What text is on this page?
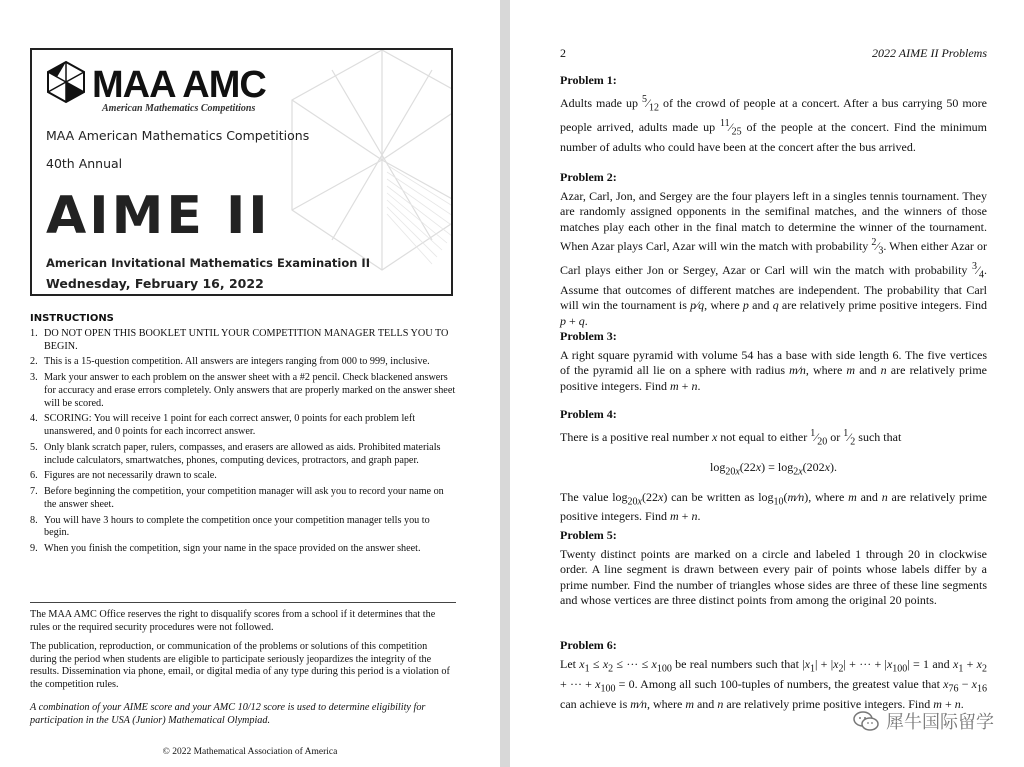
MAA AMC
American Mathematics Competitions
MAA American Mathematics Competitions
40th Annual
AIME II
American Invitational Mathematics Examination II
Wednesday, February 16, 2022
INSTRUCTIONS
1. DO NOT OPEN THIS BOOKLET UNTIL YOUR COMPETITION MANAGER TELLS YOU TO BEGIN.
2. This is a 15-question competition. All answers are integers ranging from 000 to 999, inclusive.
3. Mark your answer to each problem on the answer sheet with a #2 pencil. Check blackened answers for accuracy and erase errors completely. Only answers that are properly marked on the answer sheet will be scored.
4. SCORING: You will receive 1 point for each correct answer, 0 points for each problem left unanswered, and 0 points for each incorrect answer.
5. Only blank scratch paper, rulers, compasses, and erasers are allowed as aids. Prohibited materials include calculators, smartwatches, phones, computing devices, protractors, and graph paper.
6. Figures are not necessarily drawn to scale.
7. Before beginning the competition, your competition manager will ask you to record your name on the answer sheet.
8. You will have 3 hours to complete the competition once your competition manager tells you to begin.
9. When you finish the competition, sign your name in the space provided on the answer sheet.

The MAA AMC Office reserves the right to disqualify scores from a school if it determines that the rules or the required security procedures were not followed.

The publication, reproduction, or communication of the problems or solutions of this competition during the period when students are eligible to participate seriously jeopardizes the integrity of the results. Dissemination via phone, email, or digital media of any type during this period is a violation of the competition rules.

A combination of your AIME score and your AMC 10/12 score is used to determine eligibility for participation in the USA (Junior) Mathematical Olympiad.

© 2022 Mathematical Association of America
2	2022 AIME II Problems
Problem 1:

Adults made up $^5⁄_{12}$ of the crowd of people at a concert. After a bus carrying 50 more people arrived, adults made up $^{11}⁄_{25}$ of the people at the concert. Find the minimum number of adults who could have been at the concert after the bus arrived.

Problem 2:

Azar, Carl, Jon, and Sergey are the four players left in a singles tennis tournament. They are randomly assigned opponents in the semifinal matches, and the winners of those matches play each other in the final match to determine the winner of the tournament. When Azar plays Carl, Azar will win the match with probability $^2⁄_3$. When either Azar or Carl plays either Jon or Sergey, Azar or Carl will win the match with probability $^3⁄_4$. Assume that outcomes of different matches are independent. The probability that Carl will win the tournament is p⁄q, where p and q are relatively prime positive integers. Find p + q.

Problem 3:

A right square pyramid with volume 54 has a base with side length 6. The five vertices of the pyramid all lie on a sphere with radius m⁄n, where m and n are relatively prime positive integers. Find m + n.

Problem 4:

There is a positive real number x not equal to either $^1⁄_{20}$ or $^1⁄_2$ such that

$\log_{20x}(22x) = \log_{2x}(202x)$.

The value $\log_{20x}(22x)$ can be written as $\log_{10}(m⁄n)$, where m and n are relatively prime positive integers. Find m + n.

Problem 5:

Twenty distinct points are marked on a circle and labeled 1 through 20 in clockwise order. A line segment is drawn between every pair of points whose labels differ by a prime number. Find the number of triangles whose sides are three of these line segments and whose vertices are three distinct points from among the original 20 points.

Problem 6:

Let $x_1 \le x_2$ ≤ ··· ≤ $x_{100}$ be real numbers such that $|x_1| + |x_2|$ + ··· + $|x_{100}| = 1$ and $x_1 + x_2$ + ··· + $x_{100} = 0$. Among all such 100-tuples of numbers, the greatest value that $x_{76} - x_{16}$ can achieve is m⁄n, where m and n are relatively prime positive integers. Find m + n.

犀牛国际留学
